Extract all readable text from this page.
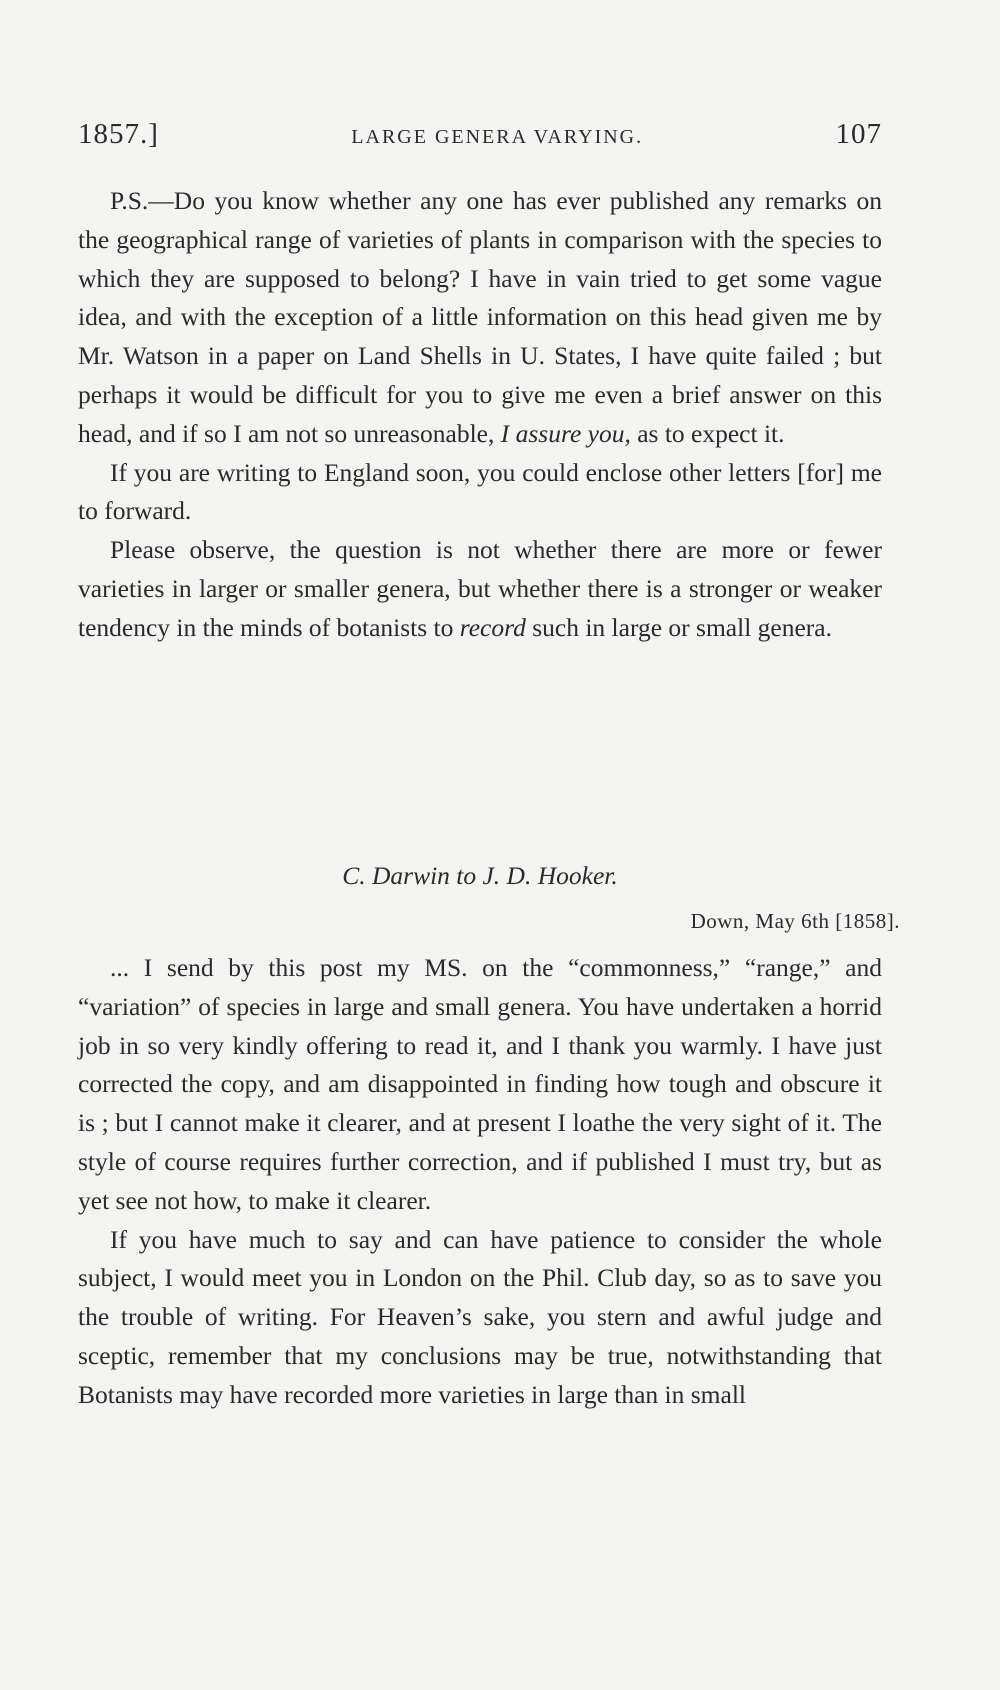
1857.]	LARGE GENERA VARYING.	107

P.S.—Do you know whether any one has ever published any remarks on the geographical range of varieties of plants in comparison with the species to which they are supposed to belong? I have in vain tried to get some vague idea, and with the exception of a little information on this head given me by Mr. Watson in a paper on Land Shells in U. States, I have quite failed ; but perhaps it would be difficult for you to give me even a brief answer on this head, and if so I am not so unreasonable, I assure you, as to expect it.

If you are writing to England soon, you could enclose other letters [for] me to forward.

Please observe, the question is not whether there are more or fewer varieties in larger or smaller genera, but whether there is a stronger or weaker tendency in the minds of botanists to record such in large or small genera.

C. Darwin to J. D. Hooker.
Down, May 6th [1858].

... I send by this post my MS. on the “commonness,” “range,” and “variation” of species in large and small genera. You have undertaken a horrid job in so very kindly offering to read it, and I thank you warmly. I have just corrected the copy, and am disappointed in finding how tough and obscure it is ; but I cannot make it clearer, and at present I loathe the very sight of it. The style of course requires further correction, and if published I must try, but as yet see not how, to make it clearer.

If you have much to say and can have patience to consider the whole subject, I would meet you in London on the Phil. Club day, so as to save you the trouble of writing. For Heaven’s sake, you stern and awful judge and sceptic, remember that my conclusions may be true, notwithstanding that Botanists may have recorded more varieties in large than in small
